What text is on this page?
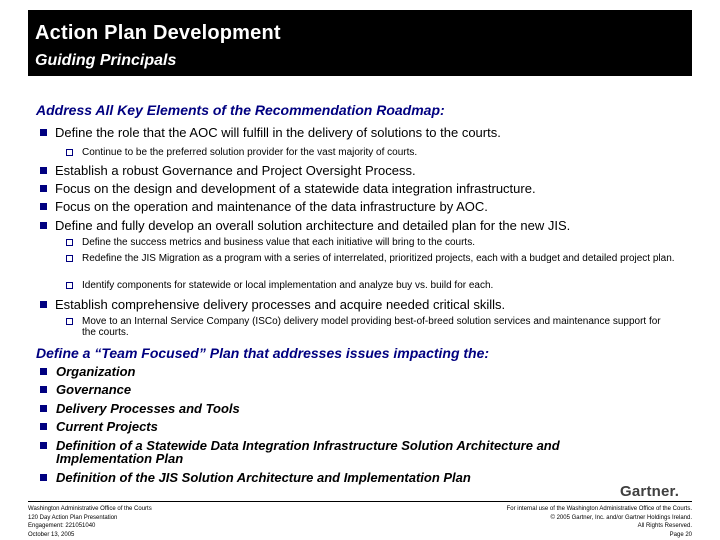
Action Plan Development
Guiding Principals
Address All Key Elements of the Recommendation Roadmap:
Define the role that the AOC will fulfill in the delivery of solutions to the courts.
Continue to be the preferred solution provider for the vast majority of courts.
Establish a robust Governance and Project Oversight Process.
Focus on the design and development of a statewide data integration infrastructure.
Focus on the operation and maintenance of the data infrastructure by AOC.
Define and fully develop an overall solution architecture and detailed plan for the new JIS.
Define the success metrics and business value that each initiative will bring to the courts.
Redefine the JIS Migration as a program with a series of interrelated, prioritized projects, each with a budget and detailed project plan.
Identify components for statewide or local implementation and analyze buy vs. build for each.
Establish comprehensive delivery processes and acquire needed critical skills.
Move to an Internal Service Company (ISCo) delivery model providing best-of-breed solution services and maintenance support for the courts.
Define a “Team Focused” Plan that addresses issues impacting the:
Organization
Governance
Delivery Processes and Tools
Current Projects
Definition of a Statewide Data Integration Infrastructure Solution Architecture and Implementation Plan
Definition of the JIS Solution Architecture and Implementation Plan
Gartner.
Washington Administrative Office of the Courts
120 Day Action Plan Presentation
Engagement: 221051040
October 13, 2005
For internal use of the Washington Administrative Office of the Courts.
© 2005 Gartner, Inc. and/or Gartner Holdings Ireland.
All Rights Reserved.
Page 20
